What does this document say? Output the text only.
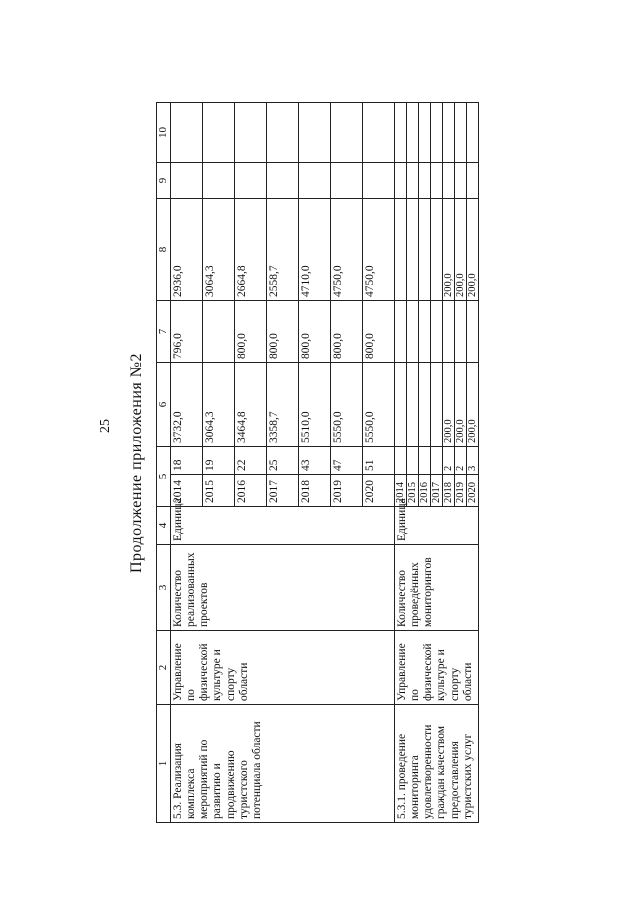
25 Продолжение приложения №2
1	2	3	4	5		6	7	8	9	10
5.3. Реализация комплекса мероприятий по развитию и продвижению туристского потенциала области	Управление по физической культуре и спорту области	Количество реализованных проектов	Единица	2014	18	3732,0	796,0	2936,0		
				2015	19	3064,3		3064,3		
				2016	22	3464,8	800,0	2664,8		
				2017	25	3358,7	800,0	2558,7		
				2018	43	5510,0	800,0	4710,0		
				2019	47	5550,0	800,0	4750,0		
				2020	51	5550,0	800,0	4750,0		
5.3.1. проведение мониторинга удовлетворенности граждан качеством предоставления туристских услуг	Управление по физической культуре и спорту области	Количество проведённых мониторингов	Единица	2014						
				2015						
				2016						
				2017						
				2018	2	200,0		200,0		
				2019	2	200,0		200,0		
				2020	3	200,0		200,0		
